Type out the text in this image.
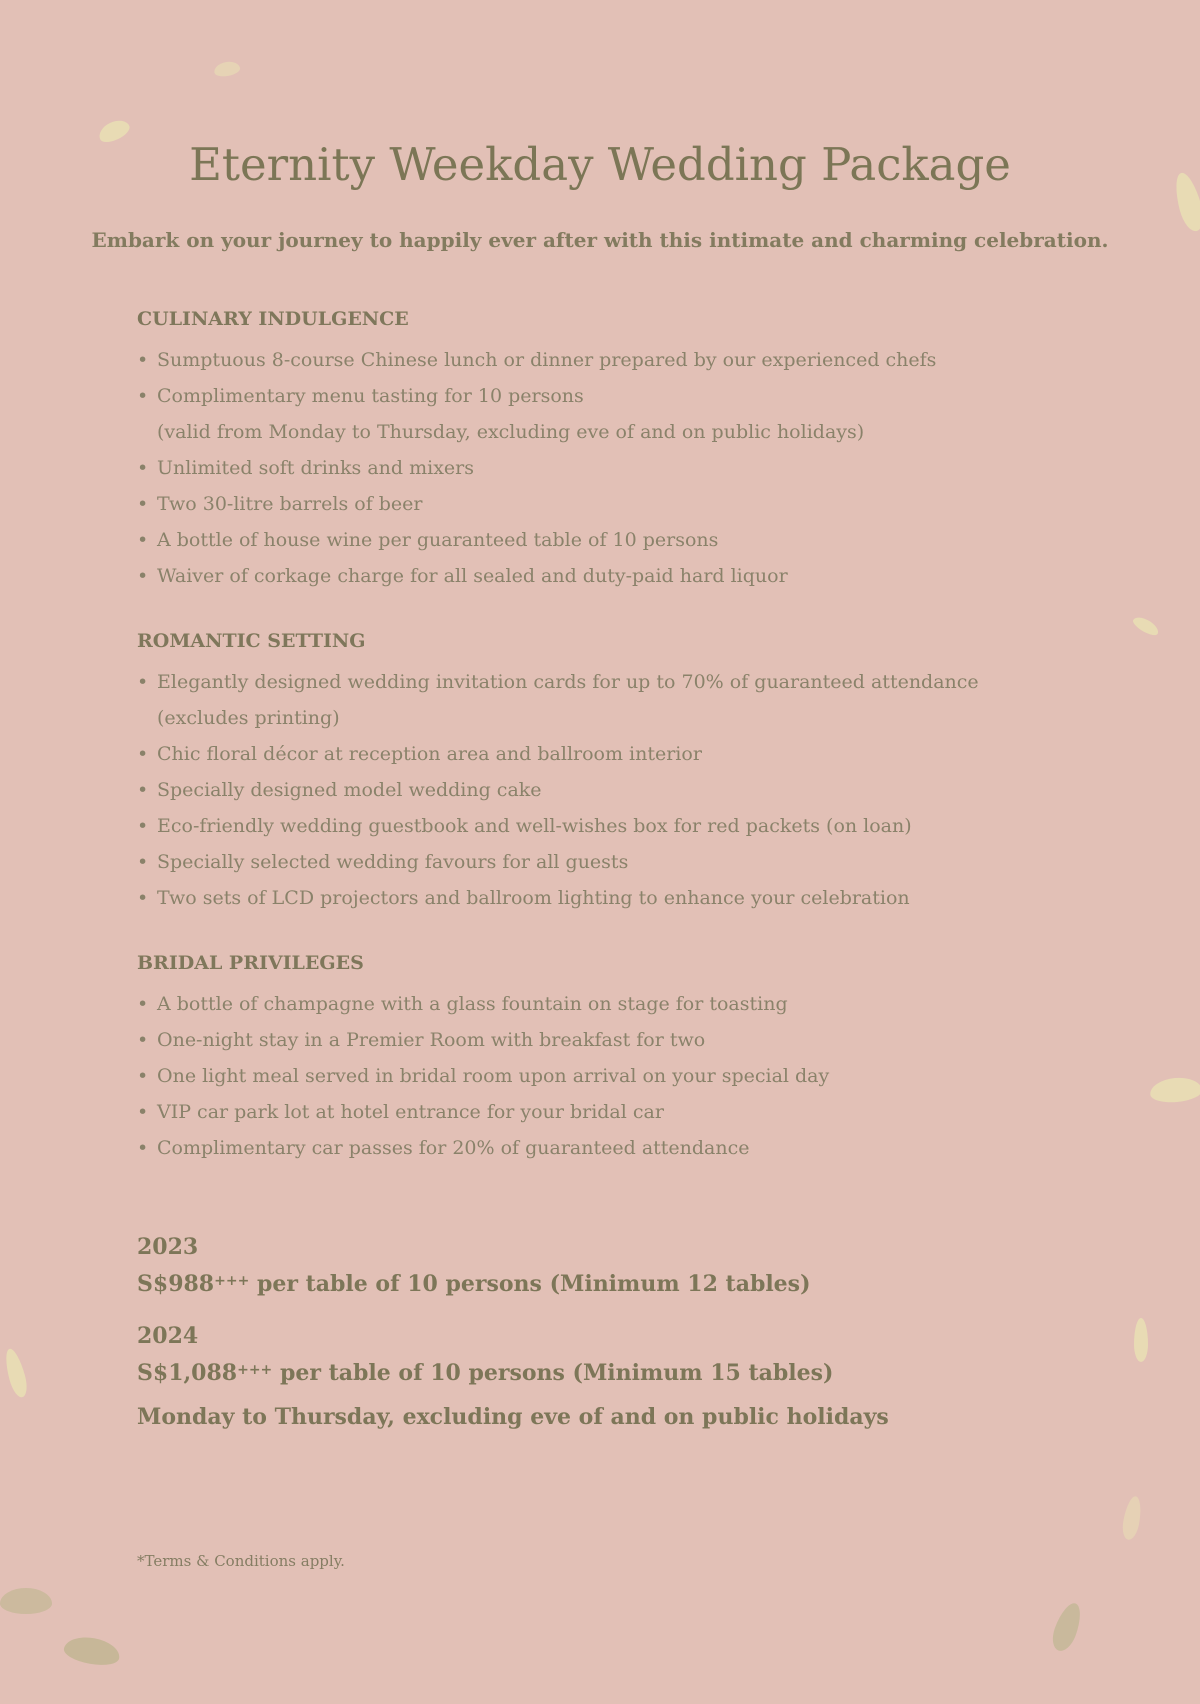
Eternity Weekday Wedding Package

Embark on your journey to happily ever after with this intimate and charming celebration.

CULINARY INDULGENCE
• Sumptuous 8-course Chinese lunch or dinner prepared by our experienced chefs
• Complimentary menu tasting for 10 persons
(valid from Monday to Thursday, excluding eve of and on public holidays)
• Unlimited soft drinks and mixers
• Two 30-litre barrels of beer
• A bottle of house wine per guaranteed table of 10 persons
• Waiver of corkage charge for all sealed and duty-paid hard liquor
ROMANTIC SETTING
• Elegantly designed wedding invitation cards for up to 70% of guaranteed attendance
(excludes printing)
• Chic floral décor at reception area and ballroom interior
• Specially designed model wedding cake
• Eco-friendly wedding guestbook and well-wishes box for red packets (on loan)
• Specially selected wedding favours for all guests
• Two sets of LCD projectors and ballroom lighting to enhance your celebration
BRIDAL PRIVILEGES
• A bottle of champagne with a glass fountain on stage for toasting
• One-night stay in a Premier Room with breakfast for two
• One light meal served in bridal room upon arrival on your special day
• VIP car park lot at hotel entrance for your bridal car
• Complimentary car passes for 20% of guaranteed attendance

2023

S$988+++ per table of 10 persons (Minimum 12 tables)

2024

S$1,088+++ per table of 10 persons (Minimum 15 tables)

Monday to Thursday, excluding eve of and on public holidays

*Terms & Conditions apply.
